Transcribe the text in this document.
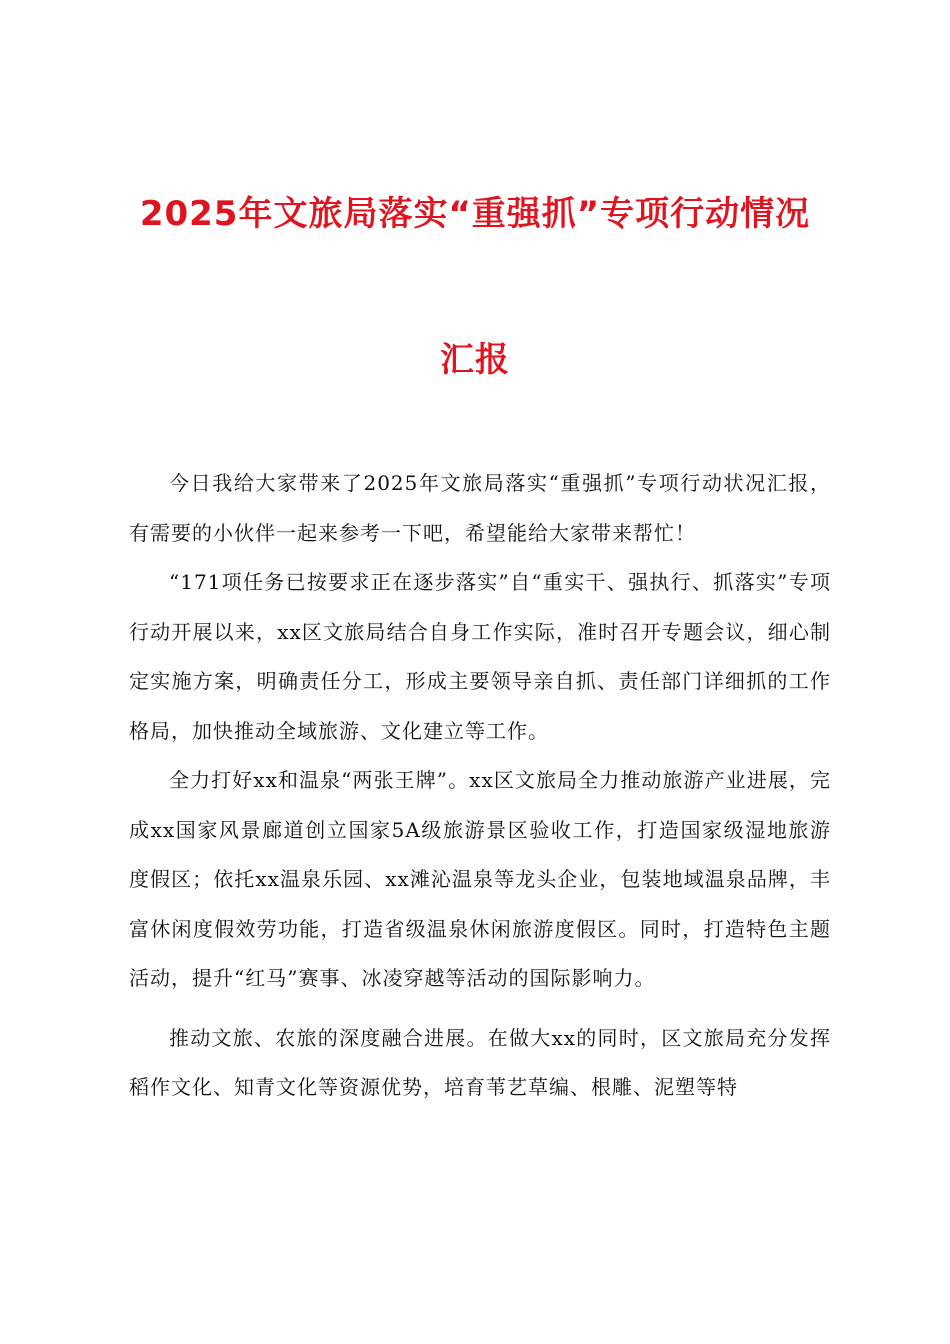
2025年文旅局落实“重强抓”专项行动情况
汇报

今日我给大家带来了2025年文旅局落实“重强抓”专项行动状况汇报，有需要的小伙伴一起来参考一下吧，希望能给大家带来帮忙！

“171项任务已按要求正在逐步落实”自“重实干、强执行、抓落实”专项行动开展以来，xx区文旅局结合自身工作实际，准时召开专题会议，细心制定实施方案，明确责任分工，形成主要领导亲自抓、责任部门详细抓的工作格局，加快推动全域旅游、文化建立等工作。

全力打好xx和温泉“两张王牌”。xx区文旅局全力推动旅游产业进展，完成xx国家风景廊道创立国家5A级旅游景区验收工作，打造国家级湿地旅游度假区；依托xx温泉乐园、xx滩沁温泉等龙头企业，包装地域温泉品牌，丰富休闲度假效劳功能，打造省级温泉休闲旅游度假区。同时，打造特色主题活动，提升“红马”赛事、冰凌穿越等活动的国际影响力。

推动文旅、农旅的深度融合进展。在做大xx的同时，区文旅局充分发挥稻作文化、知青文化等资源优势，培育苇艺草编、根雕、泥塑等特
